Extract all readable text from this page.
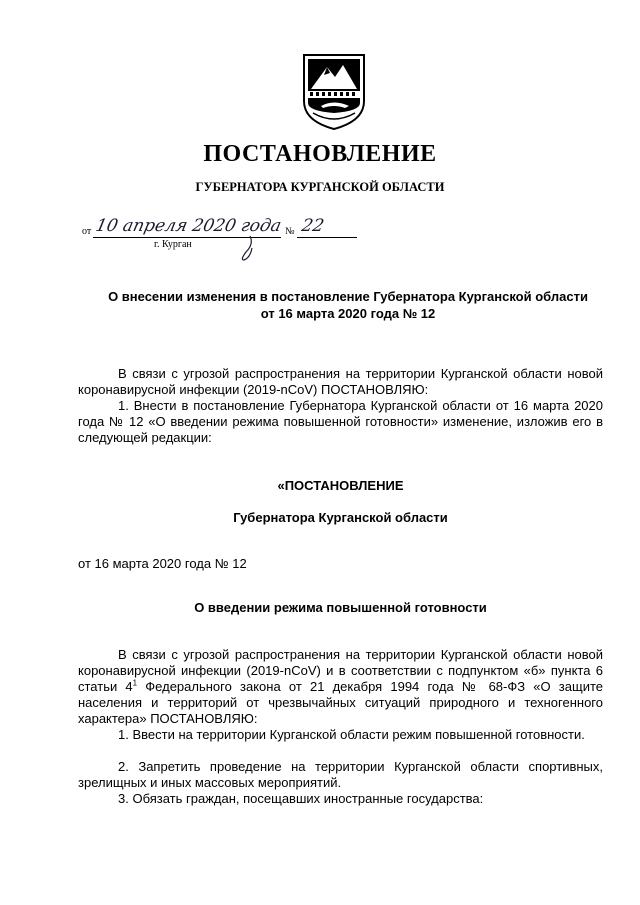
ПОСТАНОВЛЕНИЕ
ГУБЕРНАТОРА КУРГАНСКОЙ ОБЛАСТИ
от 10 апреля 2020 года № 22
г. Курган
О внесении изменения в постановление Губернатора Курганской области
от 16 марта 2020 года № 12
В связи с угрозой распространения на территории Курганской области новой коронавирусной инфекции (2019-nCoV) ПОСТАНОВЛЯЮ:
1. Внести в постановление Губернатора Курганской области от 16 марта 2020 года № 12 «О введении режима повышенной готовности» изменение, изложив его в следующей редакции:
«ПОСТАНОВЛЕНИЕ
Губернатора Курганской области
от 16 марта 2020 года № 12
О введении режима повышенной готовности
В связи с угрозой распространения на территории Курганской области новой коронавирусной инфекции (2019-nCoV) и в соответствии с подпунктом «б» пункта 6 статьи $4^1$ Федерального закона от 21 декабря 1994 года № 68-ФЗ «О защите населения и территорий от чрезвычайных ситуаций природного и техногенного характера» ПОСТАНОВЛЯЮ:
1. Ввести на территории Курганской области режим повышенной готовности.
2. Запретить проведение на территории Курганской области спортивных, зрелищных и иных массовых мероприятий.
3. Обязать граждан, посещавших иностранные государства:
